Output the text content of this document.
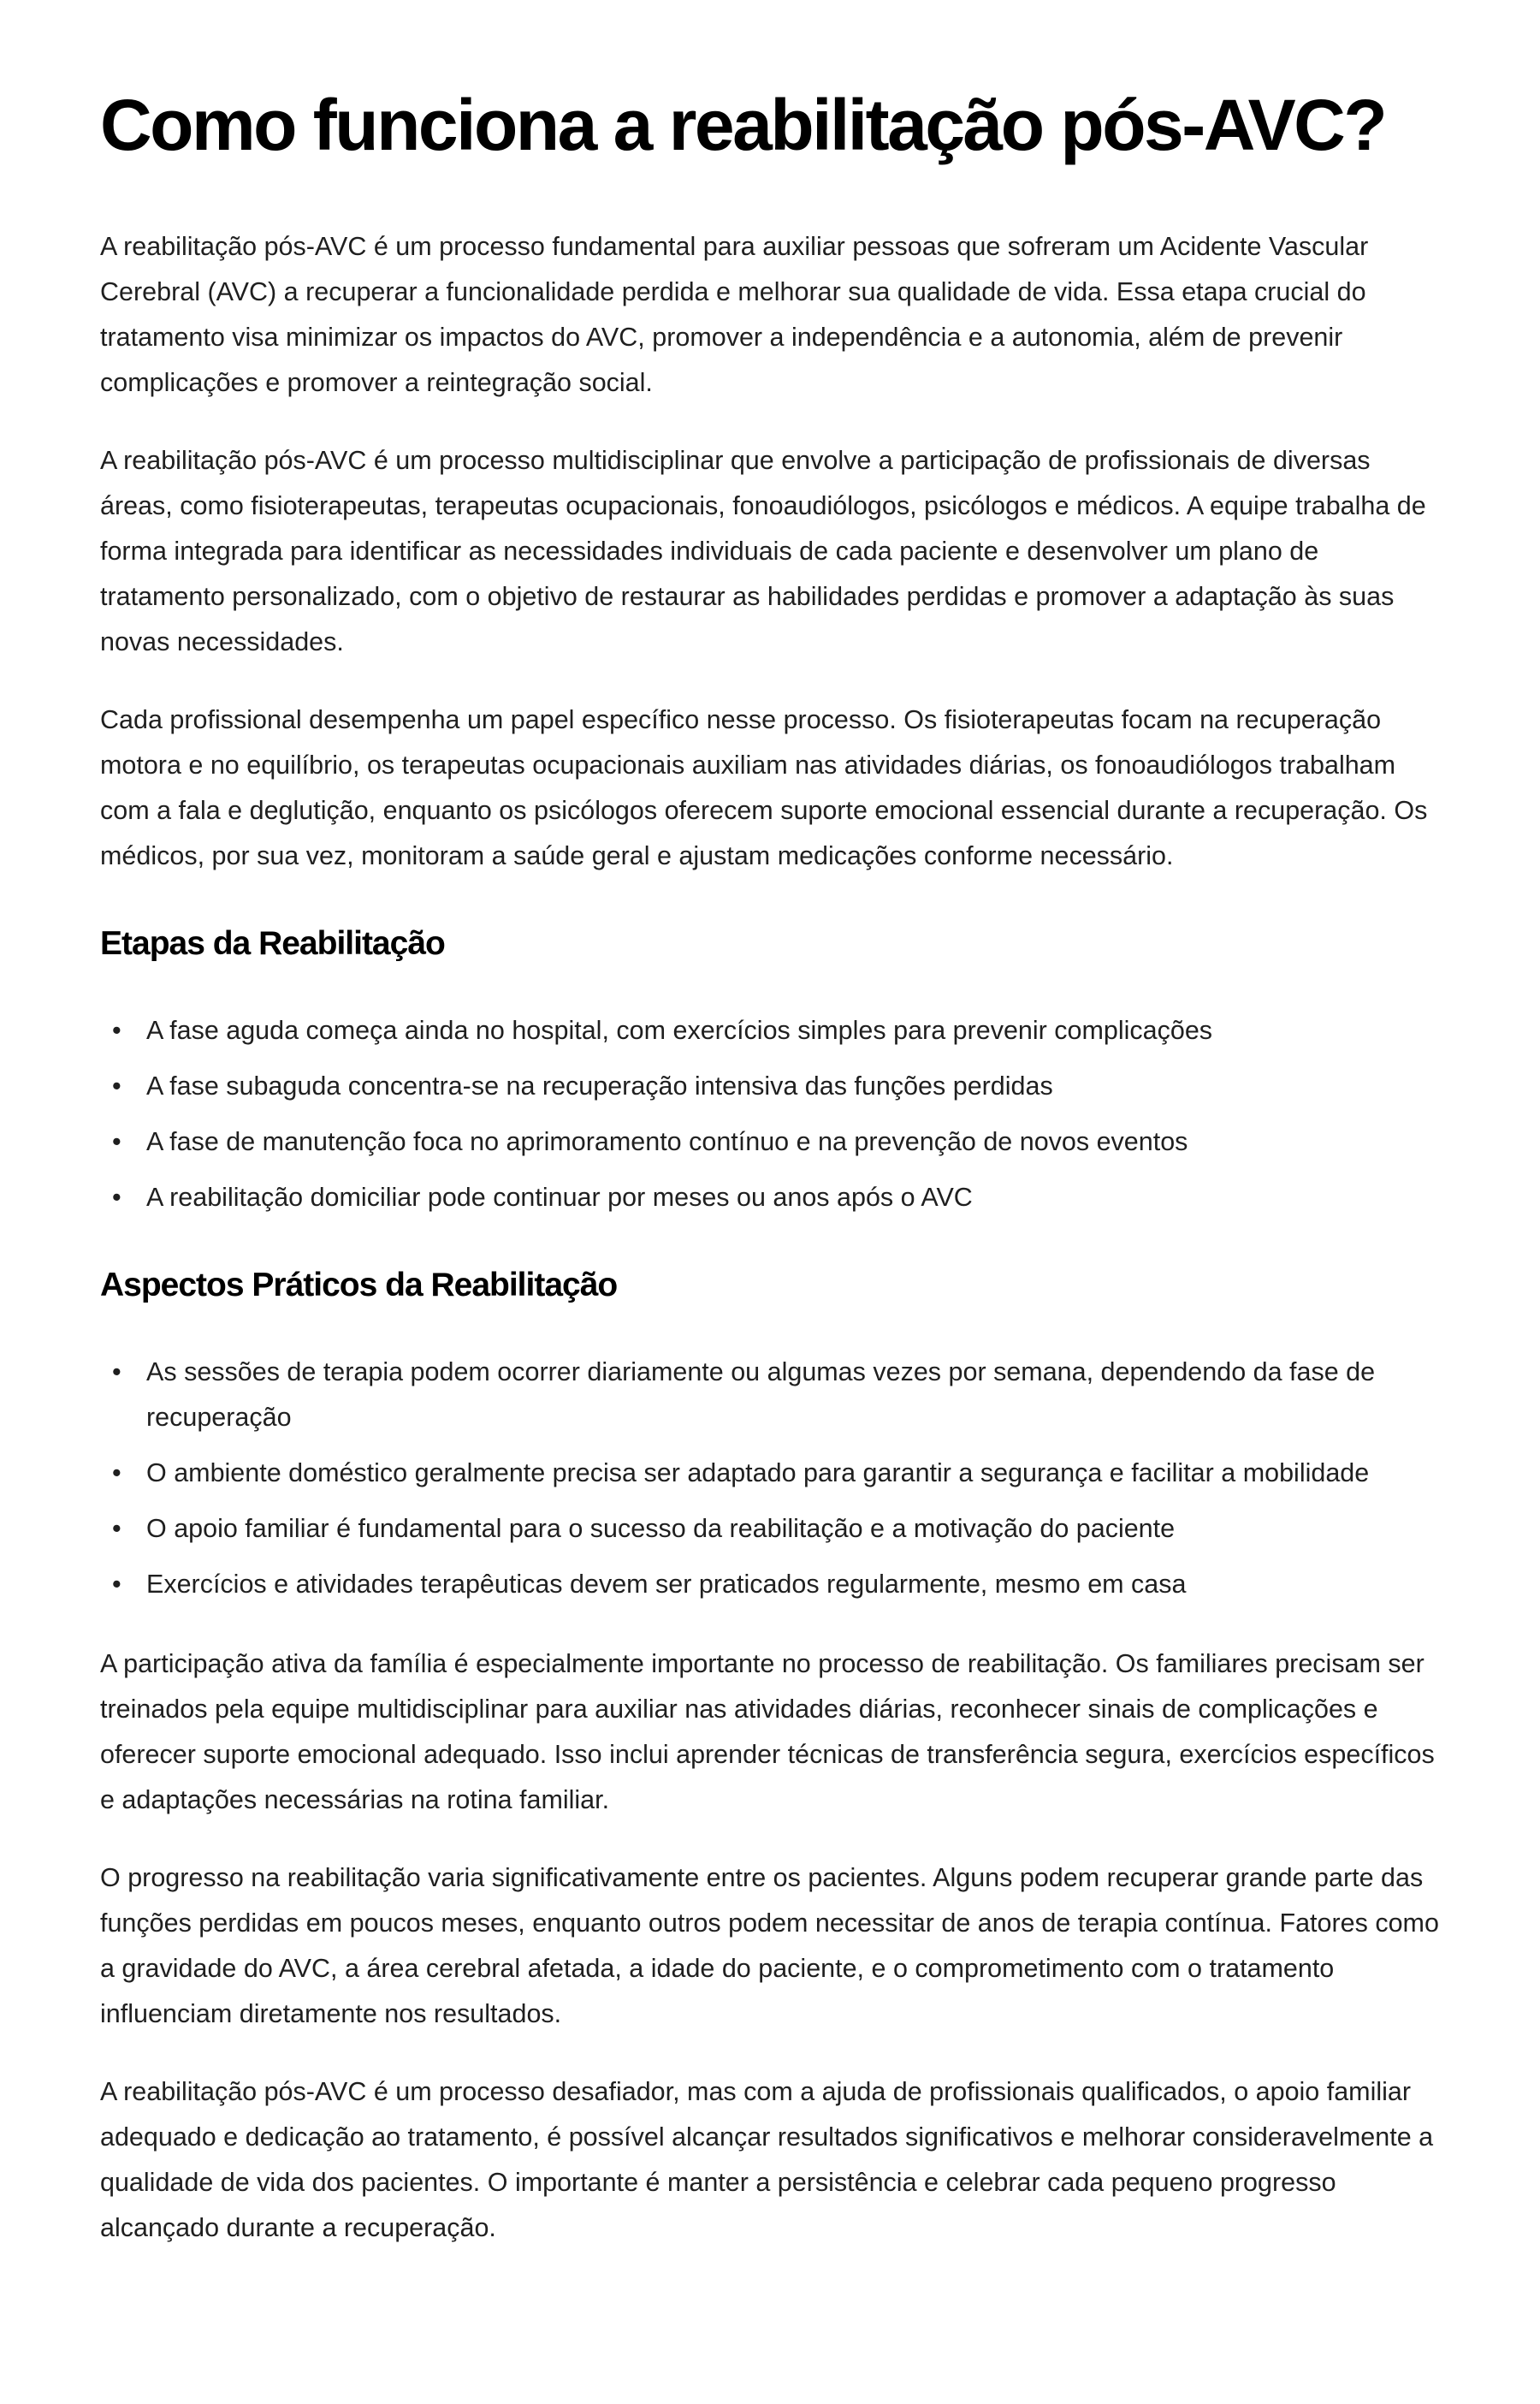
Como funciona a reabilitação pós-AVC?

A reabilitação pós-AVC é um processo fundamental para auxiliar pessoas que sofreram um Acidente Vascular Cerebral (AVC) a recuperar a funcionalidade perdida e melhorar sua qualidade de vida. Essa etapa crucial do tratamento visa minimizar os impactos do AVC, promover a independência e a autonomia, além de prevenir complicações e promover a reintegração social.

A reabilitação pós-AVC é um processo multidisciplinar que envolve a participação de profissionais de diversas áreas, como fisioterapeutas, terapeutas ocupacionais, fonoaudiólogos, psicólogos e médicos. A equipe trabalha de forma integrada para identificar as necessidades individuais de cada paciente e desenvolver um plano de tratamento personalizado, com o objetivo de restaurar as habilidades perdidas e promover a adaptação às suas novas necessidades.

Cada profissional desempenha um papel específico nesse processo. Os fisioterapeutas focam na recuperação motora e no equilíbrio, os terapeutas ocupacionais auxiliam nas atividades diárias, os fonoaudiólogos trabalham com a fala e deglutição, enquanto os psicólogos oferecem suporte emocional essencial durante a recuperação. Os médicos, por sua vez, monitoram a saúde geral e ajustam medicações conforme necessário.

Etapas da Reabilitação
• A fase aguda começa ainda no hospital, com exercícios simples para prevenir complicações
• A fase subaguda concentra-se na recuperação intensiva das funções perdidas
• A fase de manutenção foca no aprimoramento contínuo e na prevenção de novos eventos
• A reabilitação domiciliar pode continuar por meses ou anos após o AVC
Aspectos Práticos da Reabilitação
• As sessões de terapia podem ocorrer diariamente ou algumas vezes por semana, dependendo da fase de recuperação
• O ambiente doméstico geralmente precisa ser adaptado para garantir a segurança e facilitar a mobilidade
• O apoio familiar é fundamental para o sucesso da reabilitação e a motivação do paciente
• Exercícios e atividades terapêuticas devem ser praticados regularmente, mesmo em casa

A participação ativa da família é especialmente importante no processo de reabilitação. Os familiares precisam ser treinados pela equipe multidisciplinar para auxiliar nas atividades diárias, reconhecer sinais de complicações e oferecer suporte emocional adequado. Isso inclui aprender técnicas de transferência segura, exercícios específicos e adaptações necessárias na rotina familiar.

O progresso na reabilitação varia significativamente entre os pacientes. Alguns podem recuperar grande parte das funções perdidas em poucos meses, enquanto outros podem necessitar de anos de terapia contínua. Fatores como a gravidade do AVC, a área cerebral afetada, a idade do paciente, e o comprometimento com o tratamento influenciam diretamente nos resultados.

A reabilitação pós-AVC é um processo desafiador, mas com a ajuda de profissionais qualificados, o apoio familiar adequado e dedicação ao tratamento, é possível alcançar resultados significativos e melhorar consideravelmente a qualidade de vida dos pacientes. O importante é manter a persistência e celebrar cada pequeno progresso alcançado durante a recuperação.
